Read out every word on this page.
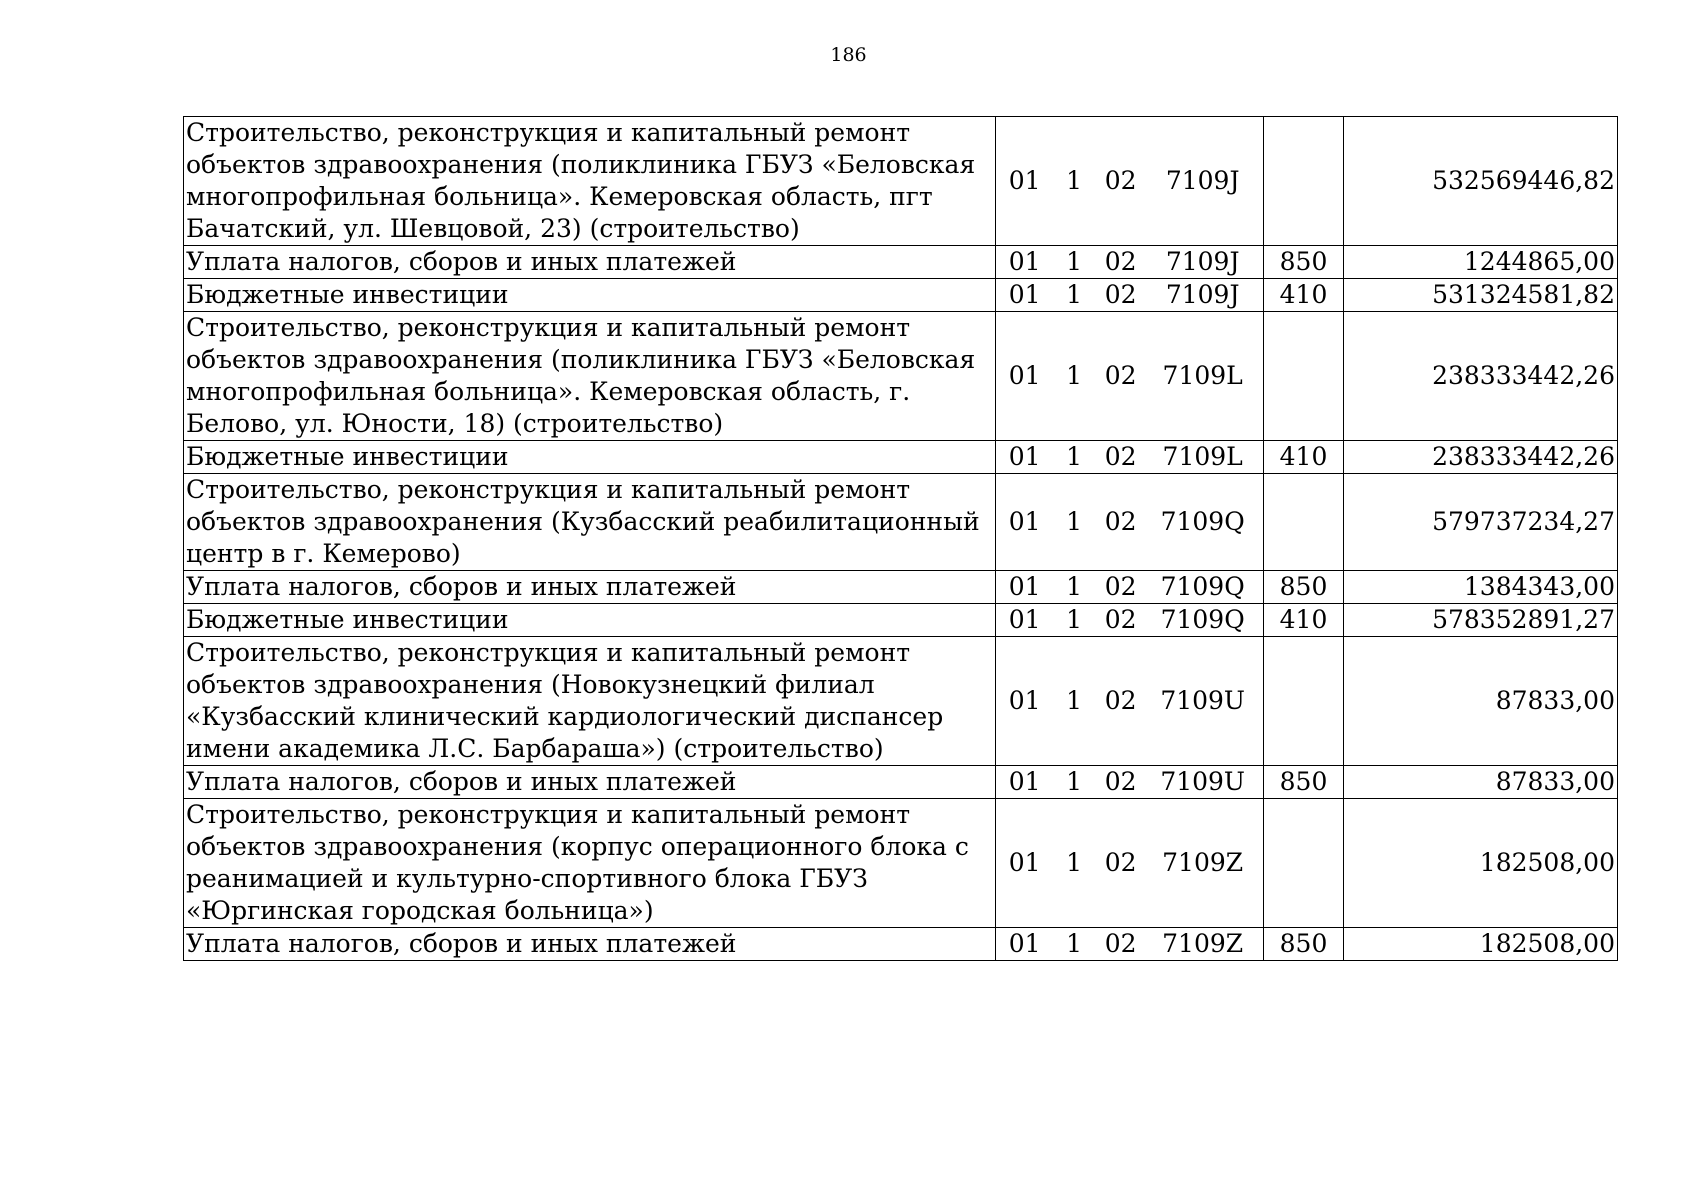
186
Строительство, реконструкция и капитальный ремонт объектов здравоохранения (поликлиника ГБУЗ «Беловская многопрофильная больница». Кемеровская область, пгт Бачатский, ул. Шевцовой, 23) (строительство)	01 1 02 7109J		532569446,82
Уплата налогов, сборов и иных платежей	01 1 02 7109J	850	1244865,00
Бюджетные инвестиции	01 1 02 7109J	410	531324581,82
Строительство, реконструкция и капитальный ремонт объектов здравоохранения (поликлиника ГБУЗ «Беловская многопрофильная больница». Кемеровская область, г. Белово, ул. Юности, 18) (строительство)	01 1 02 7109L		238333442,26
Бюджетные инвестиции	01 1 02 7109L	410	238333442,26
Строительство, реконструкция и капитальный ремонт объектов здравоохранения (Кузбасский реабилитационный центр в г. Кемерово)	01 1 02 7109Q		579737234,27
Уплата налогов, сборов и иных платежей	01 1 02 7109Q	850	1384343,00
Бюджетные инвестиции	01 1 02 7109Q	410	578352891,27
Строительство, реконструкция и капитальный ремонт объектов здравоохранения (Новокузнецкий филиал «Кузбасский клинический кардиологический диспансер имени академика Л.С. Барбараша») (строительство)	01 1 02 7109U		87833,00
Уплата налогов, сборов и иных платежей	01 1 02 7109U	850	87833,00
Строительство, реконструкция и капитальный ремонт объектов здравоохранения (корпус операционного блока с реанимацией и культурно-спортивного блока ГБУЗ «Юргинская городская больница»)	01 1 02 7109Z		182508,00
Уплата налогов, сборов и иных платежей	01 1 02 7109Z	850	182508,00
